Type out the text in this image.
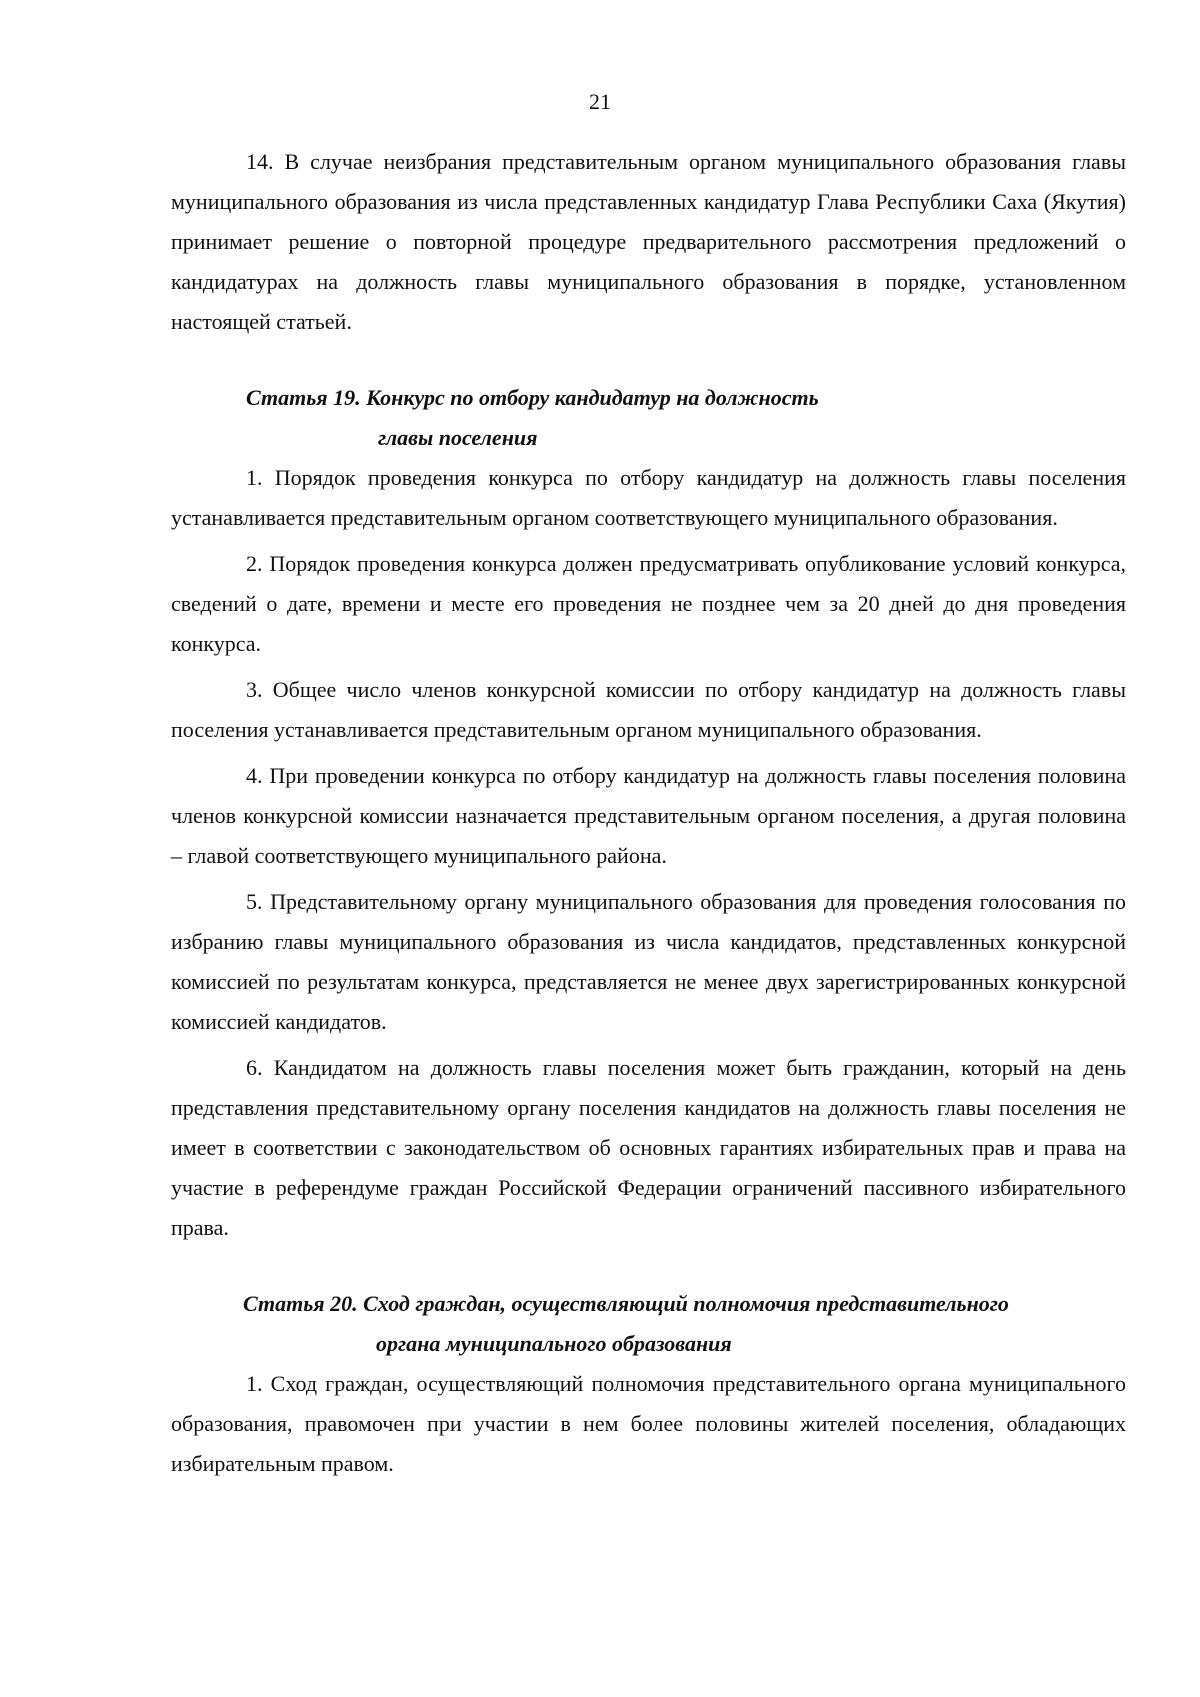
21

14. В случае неизбрания представительным органом муниципального образования главы муниципального образования из числа представленных кандидатур Глава Республики Саха (Якутия) принимает решение о повторной процедуре предварительного рассмотрения предложений о кандидатурах на должность главы муниципального образования в порядке, установленном настоящей статьей.

Статья 19. Конкурс по отбору кандидатур на должность
главы поселения

1. Порядок проведения конкурса по отбору кандидатур на должность главы поселения устанавливается представительным органом соответствующего муниципального образования.

2. Порядок проведения конкурса должен предусматривать опубликование условий конкурса, сведений о дате, времени и месте его проведения не позднее чем за 20 дней до дня проведения конкурса.

3. Общее число членов конкурсной комиссии по отбору кандидатур на должность главы поселения устанавливается представительным органом муниципального образования.

4. При проведении конкурса по отбору кандидатур на должность главы поселения половина членов конкурсной комиссии назначается представительным органом поселения, а другая половина – главой соответствующего муниципального района.

5. Представительному органу муниципального образования для проведения голосования по избранию главы муниципального образования из числа кандидатов, представленных конкурсной комиссией по результатам конкурса, представляется не менее двух зарегистрированных конкурсной комиссией кандидатов.

6. Кандидатом на должность главы поселения может быть гражданин, который на день представления представительному органу поселения кандидатов на должность главы поселения не имеет в соответствии с законодательством об основных гарантиях избирательных прав и права на участие в референдуме граждан Российской Федерации ограничений пассивного избирательного права.

Статья 20. Сход граждан, осуществляющий полномочия представительного
органа муниципального образования

1. Сход граждан, осуществляющий полномочия представительного органа муниципального образования, правомочен при участии в нем более половины жителей поселения, обладающих избирательным правом.
